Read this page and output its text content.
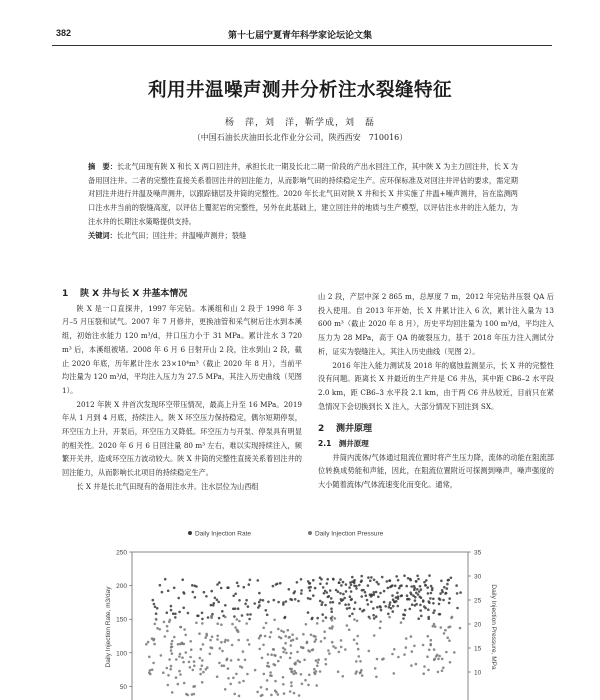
382	第十七届宁夏青年科学家论坛论文集
利用井温噪声测井分析注水裂缝特征
杨　萍，刘　洋，靳学成，刘　磊
（中国石油长庆油田长北作业分公司，陕西西安　710016）
摘　要：长北气田现有陕 X 和长 X 两口回注井，承担长北一期及长北二期一阶段的产出水回注工作，其中陕 X 为主力回注井，长 X 为备用回注井。二者的完整性直接关系着回注井的回注能力，从而影响气田的持续稳定生产。应环保标准及对回注井评估的要求，需定期对回注井进行井温及噪声测井，以跟踪储层及井筒的完整性。2020 年长北气田对陕 X 井和长 X 井实施了井温+噪声测井，旨在监测两口注水井当前的裂缝高度，以评估上覆泥岩的完整性，另外在此基础上，建立回注井的地质与生产模型，以评估注水井的注入能力，为注水井的长期注水策略提供支持。
关键词：长北气田；回注井；井温噪声测井；裂缝

1 陕 X 井与长 X 井基本情况

陕 X 是一口直探井，1997 年完钻。本溪组和山 2 段于 1998 年 3 月–5 月压裂和试气。2007 年 7 月修井，更换油管和采气树后注水到本溪组，初始注水能力 120 m³/d，井口压力小于 31 MPa。累计注水 3 720 m³ 后，本溪组被堵。2008 年 6 月 6 日射开山 2 段，注水到山 2 段，截止 2020 年底，历年累计注水 23×10⁴m³（截止 2020 年 8 月），当前平均注量为 120 m³/d，平均注入压力为 27.5 MPa，其注入历史曲线（见图 1）。

2012 年陕 X 井首次发现环空带压情况，最高上升至 16 MPa。2019 年从 1 月到 4 月底，持续注入，陕 X 环空压力保持稳定，偶尔短期停泵，环空压力上升，开泵后，环空压力又降低。环空压力与开泵、停泵具有明显的相关性。2020 年 6 月 6 日回注量 80 m³ 左右，难以实现持续注入，频繁开关井，造成环空压力波动较大。陕 X 井筒的完整性直接关系着回注井的回注能力，从而影响长北项目的持续稳定生产。

长 X 井是长北气田现有的备用注水井。注水层位为山西组

山 2 段，产层中深 2 865 m，总厚度 7 m，2012 年完钻并压裂 QA 后投入使用。自 2013 年开始，长 X 井累计注入 6 次，累计注入量为 13 600 m³（截止 2020 年 8 月），历史平均回注量为 100 m³/d，平均注入压力为 28 MPa，高于 QA 的破裂压力，基于 2018 年压力注入测试分析，证实为裂缝注入，其注入历史曲线（见图 2）。

2016 年注入能力测试及 2018 年的腐蚀监测显示，长 X 井的完整性没有问题。距离长 X 井最近的生产井是 C6 井丛，其中距 CB6–2 水平段 2.0 km，距 CB6–3 水平段 2.1 km，由于两 C6 井丛较近，目前只在紧急情况下会切换到长 X 注入，大部分情况下回注到 SX。

2 测井原理

2.1　测井原理

井筒内流体/气体通过阻流位置时将产生压力降，流体的动能在阻流部位转换成势能和声能，因此，在阻流位置附近可探测到噪声，噪声强度的大小随着流体/气体流速变化而变化。通常，

Daily Injection Rate	Daily Injection Pressure
250
200
150
100
50
35
30
25
20
15
10
Daily Injection Rate, m3/day	Daily Injection Pressure, MPa
